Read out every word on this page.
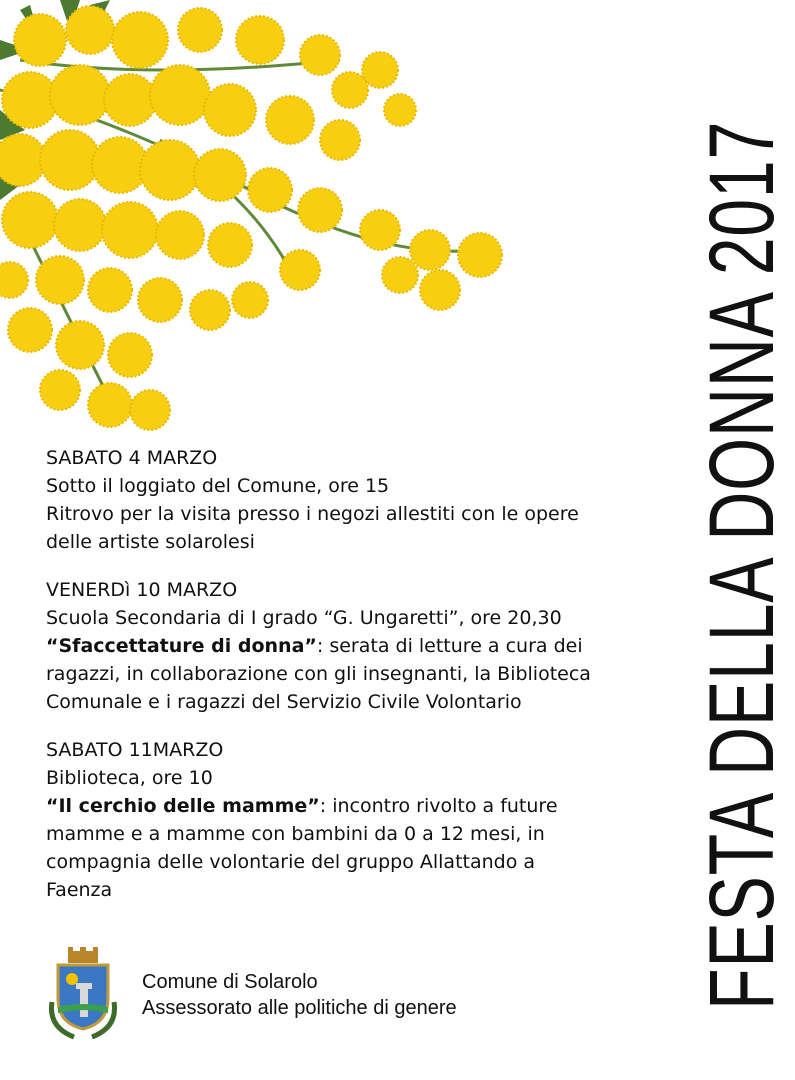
FESTA DELLA DONNA 2017

SABATO 4 MARZO

Sotto il loggiato del Comune, ore 15

Ritrovo per la visita presso i negozi allestiti con le opere delle artiste solarolesi

VENERDì 10 MARZO

Scuola Secondaria di I grado “G. Ungaretti”, ore 20,30

“Sfaccettature di donna”: serata di letture a cura dei ragazzi, in collaborazione con gli insegnanti, la Biblioteca Comunale e i ragazzi del Servizio Civile Volontario

SABATO 11MARZO

Biblioteca, ore 10

“Il cerchio delle mamme”: incontro rivolto a future mamme e a mamme con bambini da 0 a 12 mesi, in compagnia delle volontarie del gruppo Allattando a Faenza

Comune di Solarolo
Assessorato alle politiche di genere
